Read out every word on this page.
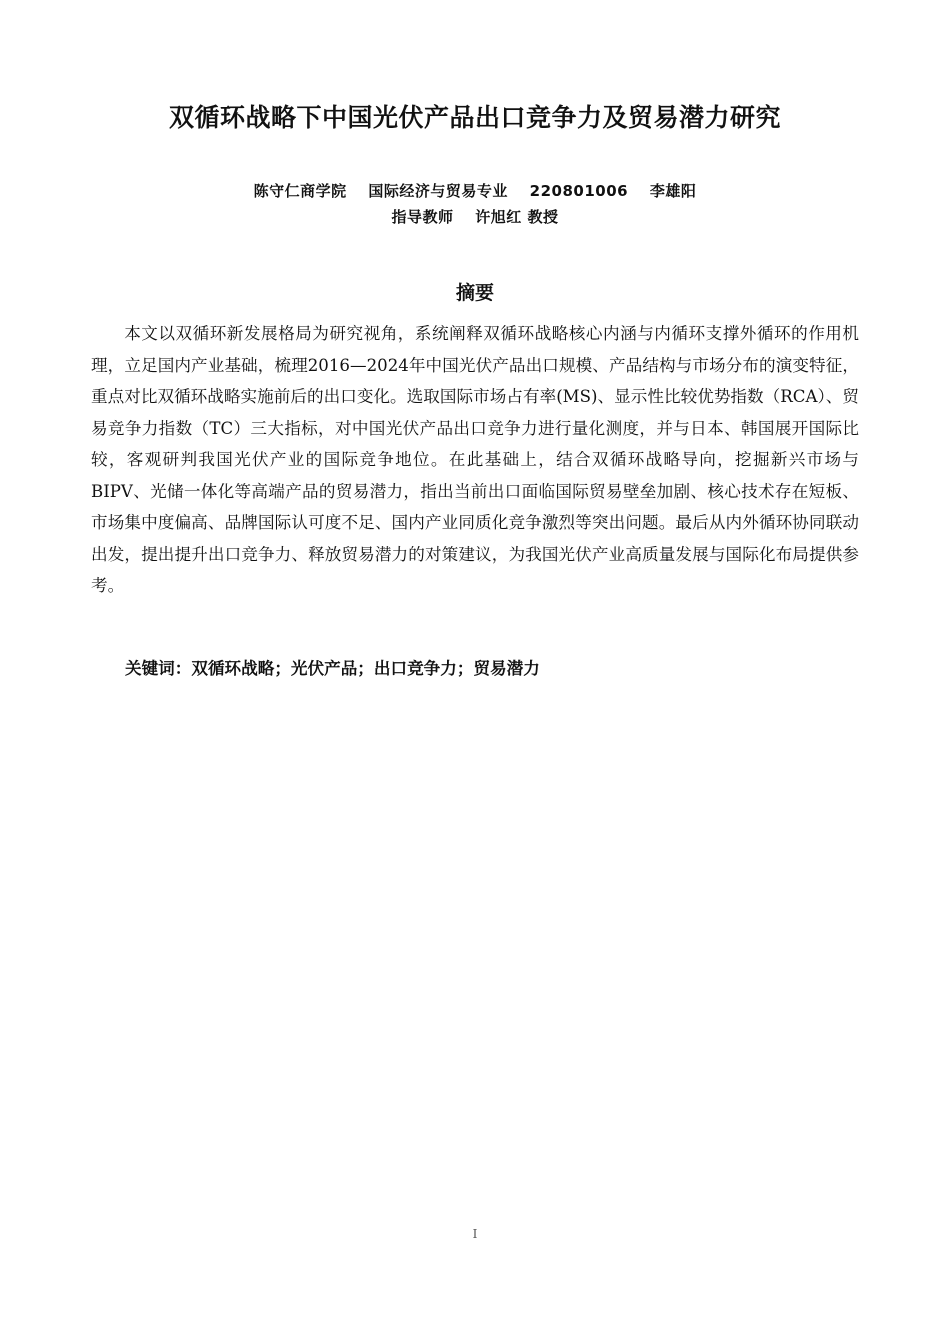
双循环战略下中国光伏产品出口竞争力及贸易潜力研究
陈守仁商学院 国际经济与贸易专业 220801006 李雄阳
指导教师 许旭红 教授
摘要

本文以双循环新发展格局为研究视角，系统阐释双循环战略核心内涵与内循环支撑外循环的作用机理，立足国内产业基础，梳理2016—2024年中国光伏产品出口规模、产品结构与市场分布的演变特征，重点对比双循环战略实施前后的出口变化。选取国际市场占有率(MS)、显示性比较优势指数（RCA）、贸易竞争力指数（TC）三大指标，对中国光伏产品出口竞争力进行量化测度，并与日本、韩国展开国际比较，客观研判我国光伏产业的国际竞争地位。在此基础上，结合双循环战略导向，挖掘新兴市场与BIPV、光储一体化等高端产品的贸易潜力，指出当前出口面临国际贸易壁垒加剧、核心技术存在短板、市场集中度偏高、品牌国际认可度不足、国内产业同质化竞争激烈等突出问题。最后从内外循环协同联动出发，提出提升出口竞争力、释放贸易潜力的对策建议，为我国光伏产业高质量发展与国际化布局提供参考。

关键词：双循环战略；光伏产品；出口竞争力；贸易潜力
I
